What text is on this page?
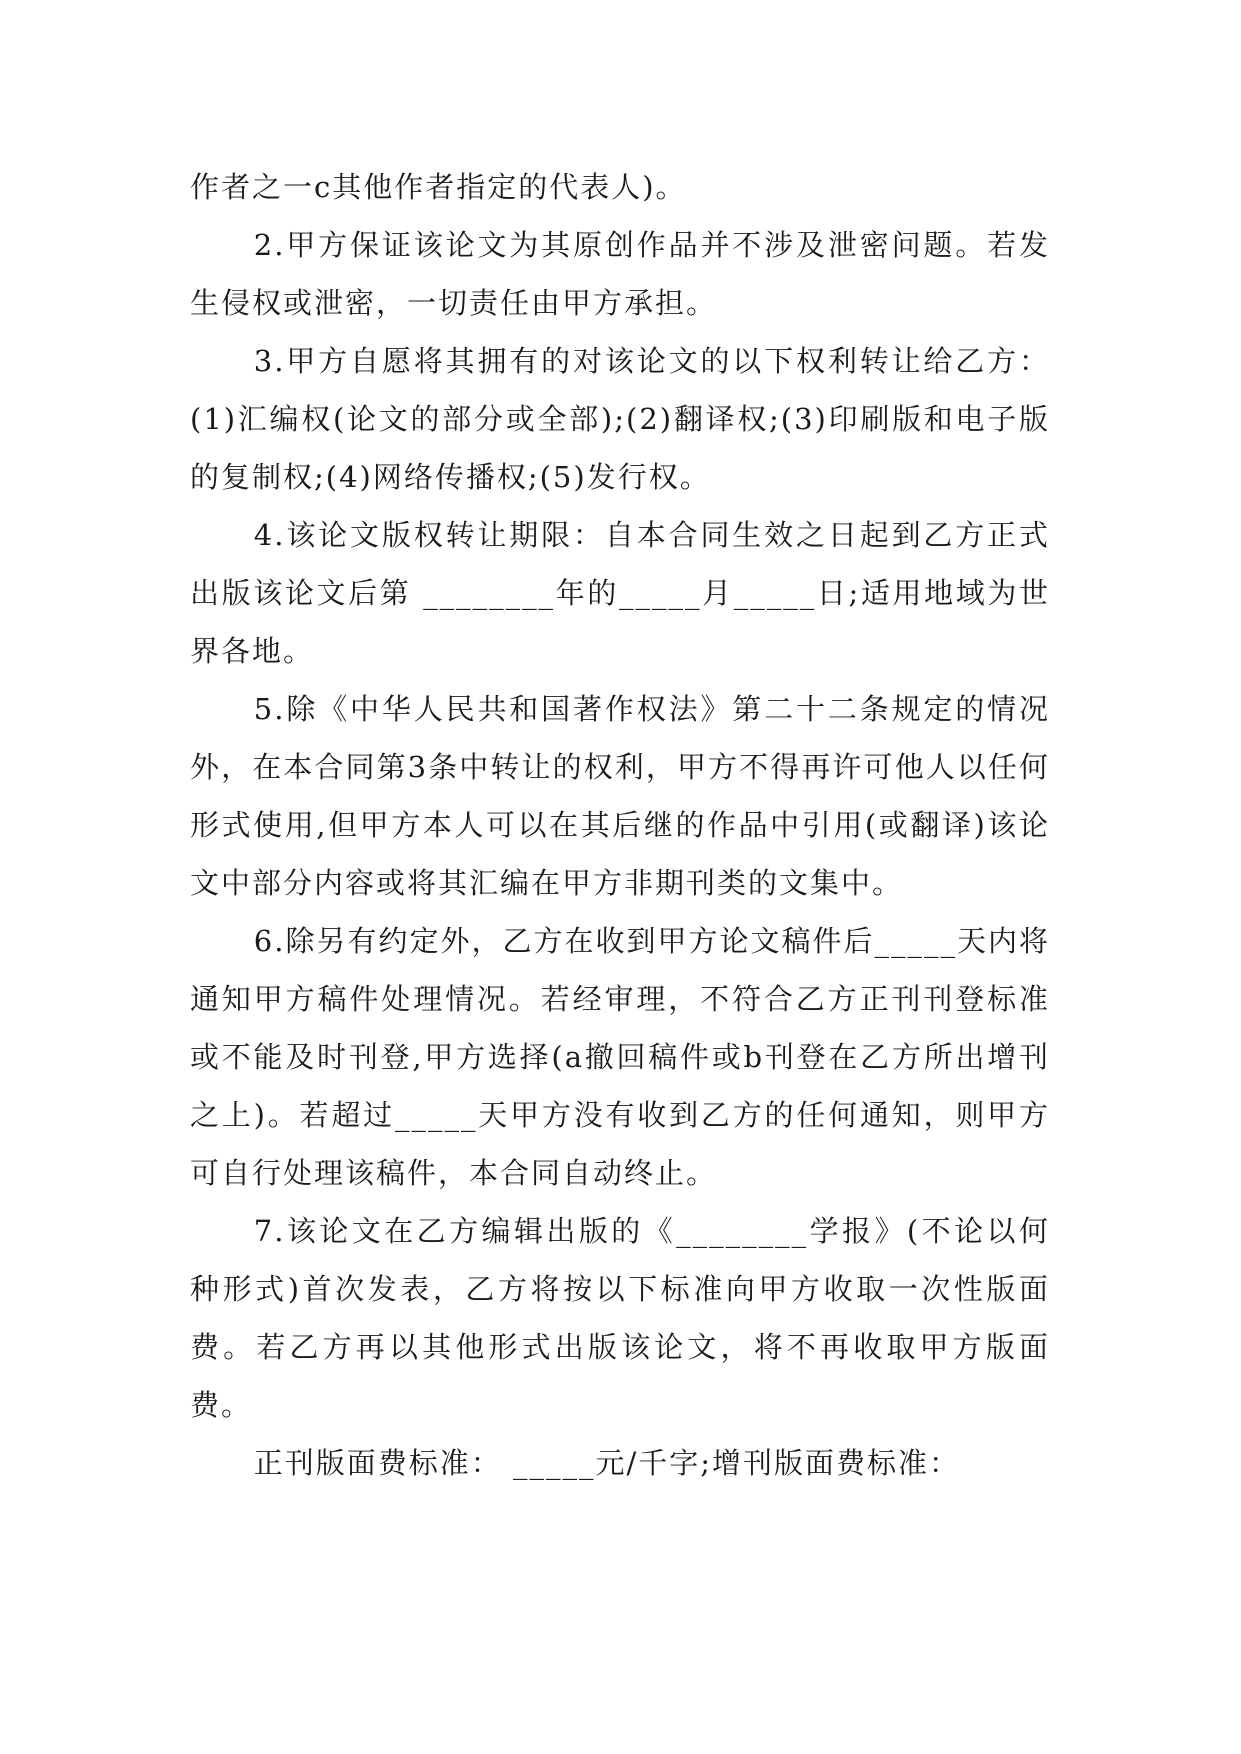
作者之一c其他作者指定的代表人)。

2.甲方保证该论文为其原创作品并不涉及泄密问题。若发生侵权或泄密，一切责任由甲方承担。

3.甲方自愿将其拥有的对该论文的以下权利转让给乙方：(1)汇编权(论文的部分或全部);(2)翻译权;(3)印刷版和电子版的复制权;(4)网络传播权;(5)发行权。

4.该论文版权转让期限：自本合同生效之日起到乙方正式出版该论文后第 ________年的_____月_____日;适用地域为世界各地。

5.除《中华人民共和国著作权法》第二十二条规定的情况外，在本合同第3条中转让的权利，甲方不得再许可他人以任何形式使用,但甲方本人可以在其后继的作品中引用(或翻译)该论文中部分内容或将其汇编在甲方非期刊类的文集中。

6.除另有约定外，乙方在收到甲方论文稿件后_____天内将通知甲方稿件处理情况。若经审理，不符合乙方正刊刊登标准或不能及时刊登,甲方选择(a撤回稿件或b刊登在乙方所出增刊之上)。若超过_____天甲方没有收到乙方的任何通知，则甲方可自行处理该稿件，本合同自动终止。

7.该论文在乙方编辑出版的《________学报》(不论以何种形式)首次发表，乙方将按以下标准向甲方收取一次性版面费。若乙方再以其他形式出版该论文，将不再收取甲方版面费。

正刊版面费标准： _____元/千字;增刊版面费标准：
